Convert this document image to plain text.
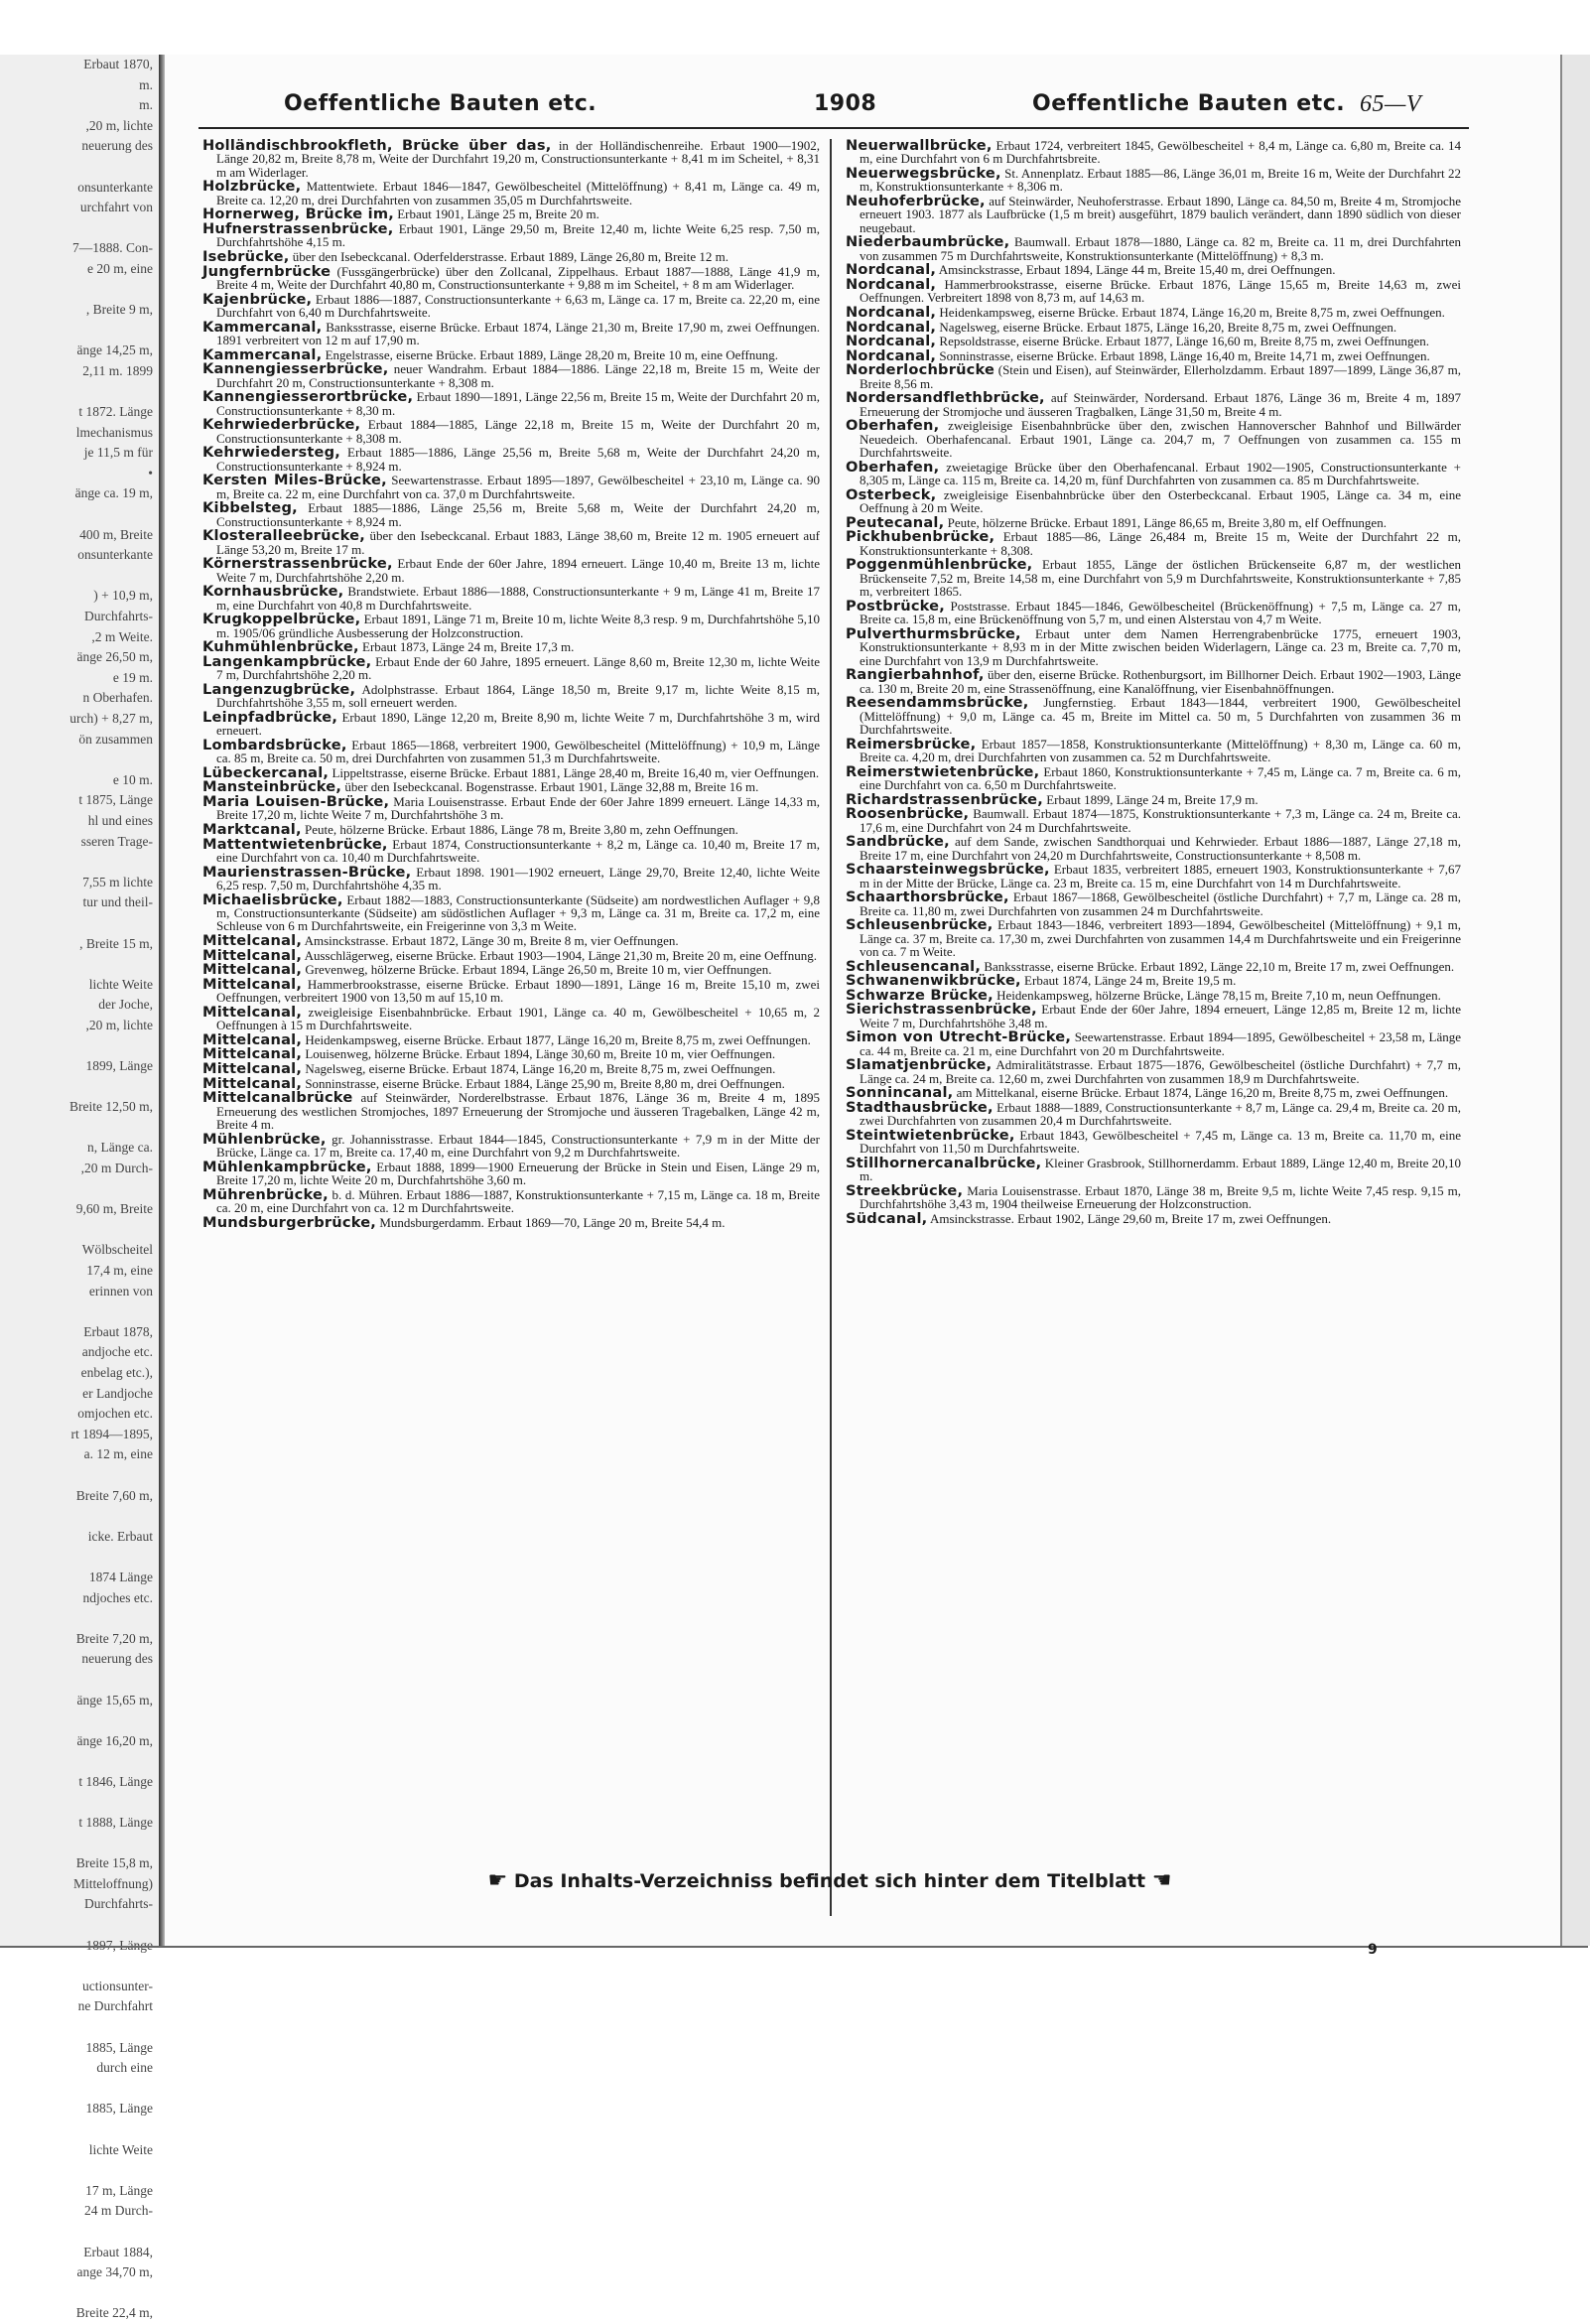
Erbaut 1870,
m.
m.
,20 m, lichte
neuerung des

onsunterkante
urchfahrt von

7—1888. Con-
e 20 m, eine

, Breite 9 m,

änge 14,25 m,
2,11 m. 1899

t 1872. Länge
lmechanismus
je 11,5 m für
•
änge ca. 19 m,

400 m, Breite
onsunterkante

) + 10,9 m,
Durchfahrts-
,2 m Weite.
änge 26,50 m,
e 19 m.
n Oberhafen.
urch) + 8,27 m,
ön zusammen

e 10 m.
t 1875, Länge
hl und eines
sseren Trage-

7,55 m lichte
tur und theil-

, Breite 15 m,

lichte Weite
der Joche,
,20 m, lichte

1899, Länge

Breite 12,50 m,

n, Länge ca.
,20 m Durch-

9,60 m, Breite

Wölbscheitel
17,4 m, eine
erinnen von

Erbaut 1878,
andjoche etc.
enbelag etc.),
er Landjoche
omjochen etc.
rt 1894—1895,
a. 12 m, eine

Breite 7,60 m,

icke. Erbaut

1874 Länge
ndjoches etc.

Breite 7,20 m,
neuerung des

änge 15,65 m,

änge 16,20 m,

t 1846, Länge

t 1888, Länge

Breite 15,8 m,
Mitteloffnung)
Durchfahrts-

uctionsunter-
ne Durchfahrt

1885, Länge
durch eine

1885, Länge

lichte Weite

17 m, Länge
24 m Durch-

Erbaut 1884,
ange 34,70 m,

Breite 22,4 m,
Oeffentliche Bauten etc.	1908	Oeffentliche Bauten etc. 65—V

Holländischbrookfleth, Brücke über das, in der Holländischenreihe. Erbaut 1900—1902, Länge 20,82 m, Breite 8,78 m, Weite der Durchfahrt 19,20 m, Constructionsunterkante + 8,41 m im Scheitel, + 8,31 m am Widerlager.

Holzbrücke, Mattentwiete. Erbaut 1846—1847, Gewölbescheitel (Mittelöffnung) + 8,41 m, Länge ca. 49 m, Breite ca. 12,20 m, drei Durchfahrten von zusammen 35,05 m Durchfahrtsweite.

Hornerweg, Brücke im, Erbaut 1901, Länge 25 m, Breite 20 m.

Hufnerstrassenbrücke, Erbaut 1901, Länge 29,50 m, Breite 12,40 m, lichte Weite 6,25 resp. 7,50 m, Durchfahrtshöhe 4,15 m.

Isebrücke, über den Isebeckcanal. Oderfelderstrasse. Erbaut 1889, Länge 26,80 m, Breite 12 m.

Jungfernbrücke (Fussgängerbrücke) über den Zollcanal, Zippelhaus. Erbaut 1887—1888, Länge 41,9 m, Breite 4 m, Weite der Durchfahrt 40,80 m, Constructionsunterkante + 9,88 m im Scheitel, + 8 m am Widerlager.

Kajenbrücke, Erbaut 1886—1887, Constructionsunterkante + 6,63 m, Länge ca. 17 m, Breite ca. 22,20 m, eine Durchfahrt von 6,40 m Durchfahrtsweite.

Kammercanal, Banksstrasse, eiserne Brücke. Erbaut 1874, Länge 21,30 m, Breite 17,90 m, zwei Oeffnungen. 1891 verbreitert von 12 m auf 17,90 m.

Kammercanal, Engelstrasse, eiserne Brücke. Erbaut 1889, Länge 28,20 m, Breite 10 m, eine Oeffnung.

Kannengiesserbrücke, neuer Wandrahm. Erbaut 1884—1886. Länge 22,18 m, Breite 15 m, Weite der Durchfahrt 20 m, Constructionsunterkante + 8,308 m.

Kannengiesserortbrücke, Erbaut 1890—1891, Länge 22,56 m, Breite 15 m, Weite der Durchfahrt 20 m, Constructionsunterkante + 8,30 m.

Kehrwiederbrücke, Erbaut 1884—1885, Länge 22,18 m, Breite 15 m, Weite der Durchfahrt 20 m, Constructionsunterkante + 8,308 m.

Kehrwiedersteg, Erbaut 1885—1886, Länge 25,56 m, Breite 5,68 m, Weite der Durchfahrt 24,20 m, Constructionsunterkante + 8,924 m.

Kersten Miles-Brücke, Seewartenstrasse. Erbaut 1895—1897, Gewölbescheitel + 23,10 m, Länge ca. 90 m, Breite ca. 22 m, eine Durchfahrt von ca. 37,0 m Durchfahrtsweite.

Kibbelsteg, Erbaut 1885—1886, Länge 25,56 m, Breite 5,68 m, Weite der Durchfahrt 24,20 m, Constructionsunterkante + 8,924 m.

Klosteralleebrücke, über den Isebeckcanal. Erbaut 1883, Länge 38,60 m, Breite 12 m. 1905 erneuert auf Länge 53,20 m, Breite 17 m.

Körnerstrassenbrücke, Erbaut Ende der 60er Jahre, 1894 erneuert. Länge 10,40 m, Breite 13 m, lichte Weite 7 m, Durchfahrtshöhe 2,20 m.

Kornhausbrücke, Brandstwiete. Erbaut 1886—1888, Constructionsunterkante + 9 m, Länge 41 m, Breite 17 m, eine Durchfahrt von 40,8 m Durchfahrtsweite.

Krugkoppelbrücke, Erbaut 1891, Länge 71 m, Breite 10 m, lichte Weite 8,3 resp. 9 m, Durchfahrtshöhe 5,10 m. 1905/06 gründliche Ausbesserung der Holzconstruction.

Kuhmühlenbrücke, Erbaut 1873, Länge 24 m, Breite 17,3 m.

Langenkampbrücke, Erbaut Ende der 60 Jahre, 1895 erneuert. Länge 8,60 m, Breite 12,30 m, lichte Weite 7 m, Durchfahrtshöhe 2,20 m.

Langenzugbrücke, Adolphstrasse. Erbaut 1864, Länge 18,50 m, Breite 9,17 m, lichte Weite 8,15 m, Durchfahrtshöhe 3,55 m, soll erneuert werden.

Leinpfadbrücke, Erbaut 1890, Länge 12,20 m, Breite 8,90 m, lichte Weite 7 m, Durchfahrtshöhe 3 m, wird erneuert.

Lombardsbrücke, Erbaut 1865—1868, verbreitert 1900, Gewölbescheitel (Mittelöffnung) + 10,9 m, Länge ca. 85 m, Breite ca. 50 m, drei Durchfahrten von zusammen 51,3 m Durchfahrtsweite.

Lübeckercanal, Lippeltstrasse, eiserne Brücke. Erbaut 1881, Länge 28,40 m, Breite 16,40 m, vier Oeffnungen.

Mansteinbrücke, über den Isebeckcanal. Bogenstrasse. Erbaut 1901, Länge 32,88 m, Breite 16 m.

Maria Louisen-Brücke, Maria Louisenstrasse. Erbaut Ende der 60er Jahre 1899 erneuert. Länge 14,33 m, Breite 17,20 m, lichte Weite 7 m, Durchfahrtshöhe 3 m.

Marktcanal, Peute, hölzerne Brücke. Erbaut 1886, Länge 78 m, Breite 3,80 m, zehn Oeffnungen.

Mattentwietenbrücke, Erbaut 1874, Constructionsunterkante + 8,2 m, Länge ca. 10,40 m, Breite 17 m, eine Durchfahrt von ca. 10,40 m Durchfahrtsweite.

Maurienstrassen-Brücke, Erbaut 1898. 1901—1902 erneuert, Länge 29,70, Breite 12,40, lichte Weite 6,25 resp. 7,50 m, Durchfahrtshöhe 4,35 m.

Michaelisbrücke, Erbaut 1882—1883, Constructionsunterkante (Südseite) am nordwestlichen Auflager + 9,8 m, Constructionsunterkante (Südseite) am südöstlichen Auflager + 9,3 m, Länge ca. 31 m, Breite ca. 17,2 m, eine Schleuse von 6 m Durchfahrtsweite, ein Freigerinne von 3,3 m Weite.

Mittelcanal, Amsinckstrasse. Erbaut 1872, Länge 30 m, Breite 8 m, vier Oeffnungen.

Mittelcanal, Ausschlägerweg, eiserne Brücke. Erbaut 1903—1904, Länge 21,30 m, Breite 20 m, eine Oeffnung.

Mittelcanal, Grevenweg, hölzerne Brücke. Erbaut 1894, Länge 26,50 m, Breite 10 m, vier Oeffnungen.

Mittelcanal, Hammerbrookstrasse, eiserne Brücke. Erbaut 1890—1891, Länge 16 m, Breite 15,10 m, zwei Oeffnungen, verbreitert 1900 von 13,50 m auf 15,10 m.

Mittelcanal, zweigleisige Eisenbahnbrücke. Erbaut 1901, Länge ca. 40 m, Gewölbescheitel + 10,65 m, 2 Oeffnungen à 15 m Durchfahrtsweite.

Mittelcanal, Heidenkampsweg, eiserne Brücke. Erbaut 1877, Länge 16,20 m, Breite 8,75 m, zwei Oeffnungen.

Mittelcanal, Louisenweg, hölzerne Brücke. Erbaut 1894, Länge 30,60 m, Breite 10 m, vier Oeffnungen.

Mittelcanal, Nagelsweg, eiserne Brücke. Erbaut 1874, Länge 16,20 m, Breite 8,75 m, zwei Oeffnungen.

Mittelcanal, Sonninstrasse, eiserne Brücke. Erbaut 1884, Länge 25,90 m, Breite 8,80 m, drei Oeffnungen.

Mittelcanalbrücke auf Steinwärder, Norderelbstrasse. Erbaut 1876, Länge 36 m, Breite 4 m, 1895 Erneuerung des westlichen Stromjoches, 1897 Erneuerung der Stromjoche und äusseren Tragebalken, Länge 42 m, Breite 4 m.

Mühlenbrücke, gr. Johannisstrasse. Erbaut 1844—1845, Constructionsunterkante + 7,9 m in der Mitte der Brücke, Länge ca. 17 m, Breite ca. 17,40 m, eine Durchfahrt von 9,2 m Durchfahrtsweite.

Mühlenkampbrücke, Erbaut 1888, 1899—1900 Erneuerung der Brücke in Stein und Eisen, Länge 29 m, Breite 17,20 m, lichte Weite 20 m, Durchfahrtshöhe 3,60 m.

Mührenbrücke, b. d. Mühren. Erbaut 1886—1887, Konstruktionsunterkante + 7,15 m, Länge ca. 18 m, Breite ca. 20 m, eine Durchfahrt von ca. 12 m Durchfahrtsweite.

Mundsburgerbrücke, Mundsburgerdamm. Erbaut 1869—70, Länge 20 m, Breite 54,4 m.

Neuerwallbrücke, Erbaut 1724, verbreitert 1845, Gewölbescheitel + 8,4 m, Länge ca. 6,80 m, Breite ca. 14 m, eine Durchfahrt von 6 m Durchfahrtsbreite.

Neuerwegsbrücke, St. Annenplatz. Erbaut 1885—86, Länge 36,01 m, Breite 16 m, Weite der Durchfahrt 22 m, Konstruktionsunterkante + 8,306 m.

Neuhoferbrücke, auf Steinwärder, Neuhoferstrasse. Erbaut 1890, Länge ca. 84,50 m, Breite 4 m, Stromjoche erneuert 1903. 1877 als Laufbrücke (1,5 m breit) ausgeführt, 1879 baulich verändert, dann 1890 südlich von dieser neugebaut.

Niederbaumbrücke, Baumwall. Erbaut 1878—1880, Länge ca. 82 m, Breite ca. 11 m, drei Durchfahrten von zusammen 75 m Durchfahrtsweite, Konstruktionsunterkante (Mittelöffnung) + 8,3 m.

Nordcanal, Amsinckstrasse, Erbaut 1894, Länge 44 m, Breite 15,40 m, drei Oeffnungen.

Nordcanal, Hammerbrookstrasse, eiserne Brücke. Erbaut 1876, Länge 15,65 m, Breite 14,63 m, zwei Oeffnungen. Verbreitert 1898 von 8,73 m, auf 14,63 m.

Nordcanal, Heidenkampsweg, eiserne Brücke. Erbaut 1874, Länge 16,20 m, Breite 8,75 m, zwei Oeffnungen.

Nordcanal, Nagelsweg, eiserne Brücke. Erbaut 1875, Länge 16,20, Breite 8,75 m, zwei Oeffnungen.

Nordcanal, Repsoldstrasse, eiserne Brücke. Erbaut 1877, Länge 16,60 m, Breite 8,75 m, zwei Oeffnungen.

Nordcanal, Sonninstrasse, eiserne Brücke. Erbaut 1898, Länge 16,40 m, Breite 14,71 m, zwei Oeffnungen.

Norderlochbrücke (Stein und Eisen), auf Steinwärder, Ellerholzdamm. Erbaut 1897—1899, Länge 36,87 m, Breite 8,56 m.

Nordersandflethbrücke, auf Steinwärder, Nordersand. Erbaut 1876, Länge 36 m, Breite 4 m, 1897 Erneuerung der Stromjoche und äusseren Tragbalken, Länge 31,50 m, Breite 4 m.

Oberhafen, zweigleisige Eisenbahnbrücke über den, zwischen Hannoverscher Bahnhof und Billwärder Neuedeich. Oberhafencanal. Erbaut 1901, Länge ca. 204,7 m, 7 Oeffnungen von zusammen ca. 155 m Durchfahrtsweite.

Oberhafen, zweietagige Brücke über den Oberhafencanal. Erbaut 1902—1905, Constructionsunterkante + 8,305 m, Länge ca. 115 m, Breite ca. 14,20 m, fünf Durchfahrten von zusammen ca. 85 m Durchfahrtsweite.

Osterbeck, zweigleisige Eisenbahnbrücke über den Osterbeckcanal. Erbaut 1905, Länge ca. 34 m, eine Oeffnung à 20 m Weite.

Peutecanal, Peute, hölzerne Brücke. Erbaut 1891, Länge 86,65 m, Breite 3,80 m, elf Oeffnungen.

Pickhubenbrücke, Erbaut 1885—86, Länge 26,484 m, Breite 15 m, Weite der Durchfahrt 22 m, Konstruktionsunterkante + 8,308.

Poggenmühlenbrücke, Erbaut 1855, Länge der östlichen Brückenseite 6,87 m, der westlichen Brückenseite 7,52 m, Breite 14,58 m, eine Durchfahrt von 5,9 m Durchfahrtsweite, Konstruktionsunterkante + 7,85 m, verbreitert 1865.

Postbrücke, Poststrasse. Erbaut 1845—1846, Gewölbescheitel (Brückenöffnung) + 7,5 m, Länge ca. 27 m, Breite ca. 15,8 m, eine Brückenöffnung von 5,7 m, und einen Alsterstau von 4,7 m Weite.

Pulverthurmsbrücke, Erbaut unter dem Namen Herrengrabenbrücke 1775, erneuert 1903, Konstruktionsunterkante + 8,93 m in der Mitte zwischen beiden Widerlagern, Länge ca. 23 m, Breite ca. 7,70 m, eine Durchfahrt von 13,9 m Durchfahrtsweite.

Rangierbahnhof, über den, eiserne Brücke. Rothenburgsort, im Billhorner Deich. Erbaut 1902—1903, Länge ca. 130 m, Breite 20 m, eine Strassenöffnung, eine Kanalöffnung, vier Eisenbahnöffnungen.

Reesendammsbrücke, Jungfernstieg. Erbaut 1843—1844, verbreitert 1900, Gewölbescheitel (Mittelöffnung) + 9,0 m, Länge ca. 45 m, Breite im Mittel ca. 50 m, 5 Durchfahrten von zusammen 36 m Durchfahrtsweite.

Reimersbrücke, Erbaut 1857—1858, Konstruktionsunterkante (Mittelöffnung) + 8,30 m, Länge ca. 60 m, Breite ca. 4,20 m, drei Durchfahrten von zusammen ca. 52 m Durchfahrtsweite.

Reimerstwietenbrücke, Erbaut 1860, Konstruktionsunterkante + 7,45 m, Länge ca. 7 m, Breite ca. 6 m, eine Durchfahrt von ca. 6,50 m Durchfahrtsweite.

Richardstrassenbrücke, Erbaut 1899, Länge 24 m, Breite 17,9 m.

Roosenbrücke, Baumwall. Erbaut 1874—1875, Konstruktionsunterkante + 7,3 m, Länge ca. 24 m, Breite ca. 17,6 m, eine Durchfahrt von 24 m Durchfahrtsweite.

Sandbrücke, auf dem Sande, zwischen Sandthorquai und Kehrwieder. Erbaut 1886—1887, Länge 27,18 m, Breite 17 m, eine Durchfahrt von 24,20 m Durchfahrtsweite, Constructionsunterkante + 8,508 m.

Schaarsteinwegsbrücke, Erbaut 1835, verbreitert 1885, erneuert 1903, Konstruktionsunterkante + 7,67 m in der Mitte der Brücke, Länge ca. 23 m, Breite ca. 15 m, eine Durchfahrt von 14 m Durchfahrtsweite.

Schaarthorsbrücke, Erbaut 1867—1868, Gewölbescheitel (östliche Durchfahrt) + 7,7 m, Länge ca. 28 m, Breite ca. 11,80 m, zwei Durchfahrten von zusammen 24 m Durchfahrtsweite.

Schleusenbrücke, Erbaut 1843—1846, verbreitert 1893—1894, Gewölbescheitel (Mittelöffnung) + 9,1 m, Länge ca. 37 m, Breite ca. 17,30 m, zwei Durchfahrten von zusammen 14,4 m Durchfahrtsweite und ein Freigerinne von ca. 7 m Weite.

Schleusencanal, Banksstrasse, eiserne Brücke. Erbaut 1892, Länge 22,10 m, Breite 17 m, zwei Oeffnungen.

Schwanenwikbrücke, Erbaut 1874, Länge 24 m, Breite 19,5 m.

Schwarze Brücke, Heidenkampsweg, hölzerne Brücke, Länge 78,15 m, Breite 7,10 m, neun Oeffnungen.

Sierichstrassenbrücke, Erbaut Ende der 60er Jahre, 1894 erneuert, Länge 12,85 m, Breite 12 m, lichte Weite 7 m, Durchfahrtshöhe 3,48 m.

Simon von Utrecht-Brücke, Seewartenstrasse. Erbaut 1894—1895, Gewölbescheitel + 23,58 m, Länge ca. 44 m, Breite ca. 21 m, eine Durchfahrt von 20 m Durchfahrtsweite.

Slamatjenbrücke, Admiralitätstrasse. Erbaut 1875—1876, Gewölbescheitel (östliche Durchfahrt) + 7,7 m, Länge ca. 24 m, Breite ca. 12,60 m, zwei Durchfahrten von zusammen 18,9 m Durchfahrtsweite.

Sonnincanal, am Mittelkanal, eiserne Brücke. Erbaut 1874, Länge 16,20 m, Breite 8,75 m, zwei Oeffnungen.

Stadthausbrücke, Erbaut 1888—1889, Constructionsunterkante + 8,7 m, Länge ca. 29,4 m, Breite ca. 20 m, zwei Durchfahrten von zusammen 20,4 m Durchfahrtsweite.

Steintwietenbrücke, Erbaut 1843, Gewölbescheitel + 7,45 m, Länge ca. 13 m, Breite ca. 11,70 m, eine Durchfahrt von 11,50 m Durchfahrtsweite.

Stillhornercanalbrücke, Kleiner Grasbrook, Stillhornerdamm. Erbaut 1889, Länge 12,40 m, Breite 20,10 m.

Streekbrücke, Maria Louisenstrasse. Erbaut 1870, Länge 38 m, Breite 9,5 m, lichte Weite 7,45 resp. 9,15 m, Durchfahrtshöhe 3,43 m, 1904 theilweise Erneuerung der Holzconstruction.

Südcanal, Amsinckstrasse. Erbaut 1902, Länge 29,60 m, Breite 17 m, zwei Oeffnungen.

☛ Das Inhalts-Verzeichniss befindet sich hinter dem Titelblatt ☚
9
